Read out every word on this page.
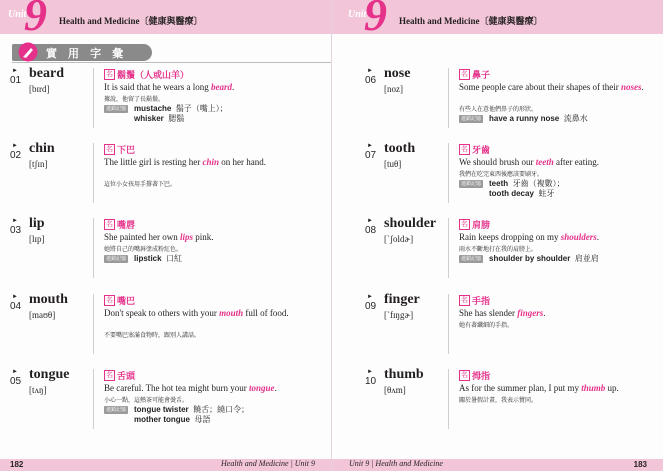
Unit
9 Health and Medicine〔健康與醫療〕
實 用 字 彙
►
01 beard
[bɪrd]
名 鬍鬚（人或山羊）
It is said that he wears a long beard.
據說，他留了長鬍鬚。
連鎖記憶 mustache 鬍子（嘴上）；
whisker 腮鬍
►
02 chin
[tʃɪn]
名 下巴
The little girl is resting her chin on her hand.
這位小女孩用手撐著下巴。
►
03 lip
[lɪp]
名 嘴唇
She painted her own lips pink.
她將自己的嘴唇塗成粉紅色。
連鎖記憶 lipstick 口紅
►
04 mouth
[maʊθ]
名 嘴巴
Don't speak to others with your mouth full of food.
不要嘴巴塞滿食物時，跟別人講話。
►
05 tongue
[tʌŋ]
名 舌頭
Be careful. The hot tea might burn your tongue.
小心一點，這熱茶可能會燙舌。
連鎖記憶 tongue twister 饒舌；繞口令；
mother tongue 母語
182	Health and Medicine | Unit 9
Unit
9 Health and Medicine〔健康與醫療〕
►
06 nose
[noz]
名 鼻子
Some people care about their shapes of their noses.
有些人在意他們鼻子的形狀。
連鎖記憶 have a runny nose 流鼻水
►
07 tooth
[tuθ]
名 牙齒
We should brush our teeth after eating.
我們在吃完東西後應該要刷牙。
連鎖記憶 teeth 牙齒（複數）；
tooth decay 蛀牙
►
08 shoulder
[ˋʃoldɚ]
名 肩膀
Rain keeps dropping on my shoulders.
雨水不斷地打在我的肩膀上。
連鎖記憶 shoulder by shoulder 肩並肩
►
09 finger
[ˋfɪŋgɚ]
名 手指
She has slender fingers.
她有著纖細的手指。
►
10 thumb
[θʌm]
名 拇指
As for the summer plan, I put my thumb up.
關於暑假計畫，我表示贊同。
Unit 9 | Health and Medicine	183
